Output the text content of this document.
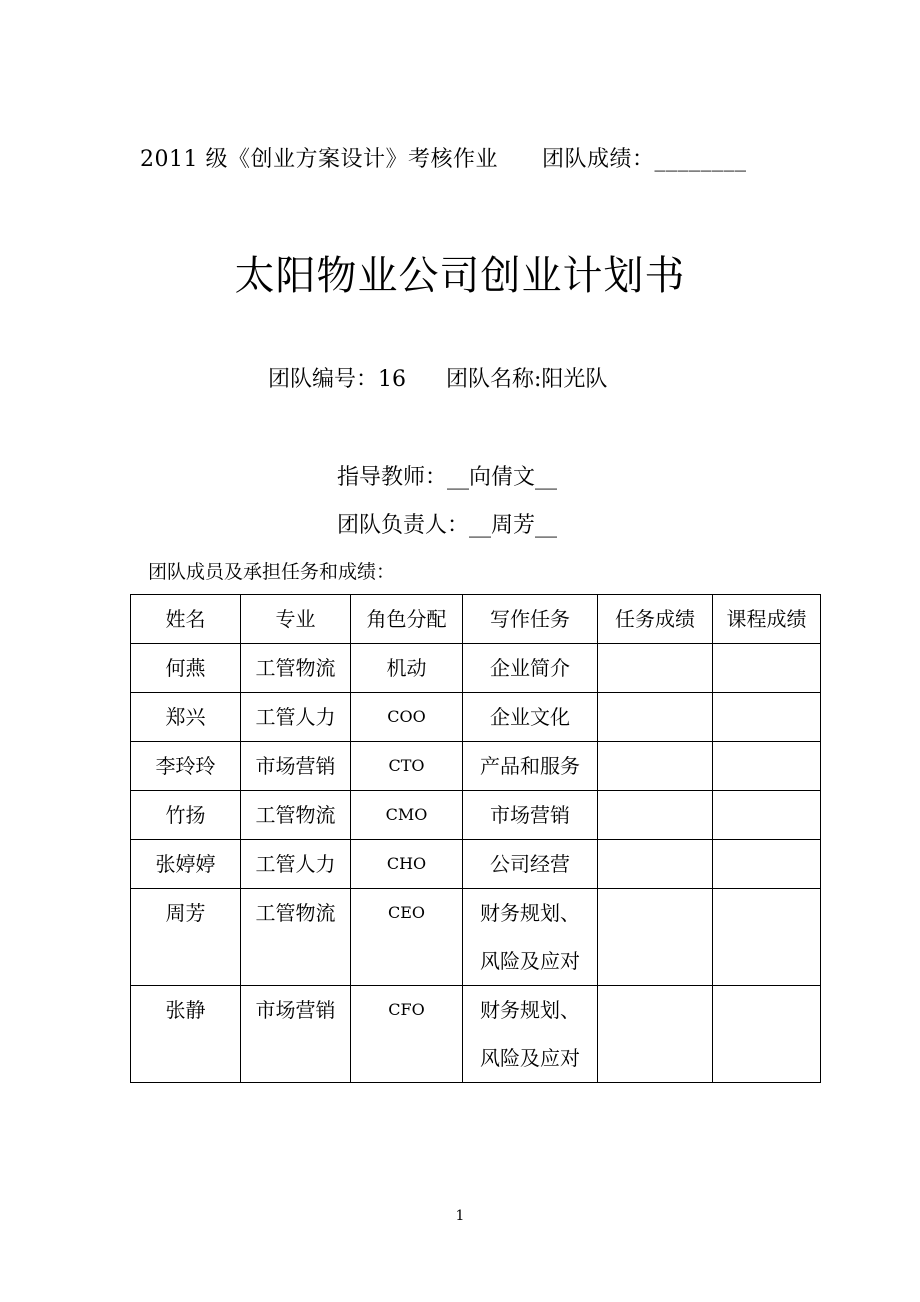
2011 级《创业方案设计》考核作业 团队成绩：________
太阳物业公司创业计划书
团队编号：16 团队名称:阳光队
指导教师：__向倩文__
团队负责人：__周芳__
团队成员及承担任务和成绩：
姓名	专业	角色分配	写作任务	任务成绩	课程成绩
何燕	工管物流	机动	企业简介		

郑兴	工管人力	COO	企业文化		

李玲玲	市场营销	CTO	产品和服务		

竹扬	工管物流	CMO	市场营销		

张婷婷	工管人力	CHO	公司经营		

周芳	工管物流	CEO	财务规划、
风险及应对		

张静	市场营销	CFO	财务规划、
风险及应对		

1
